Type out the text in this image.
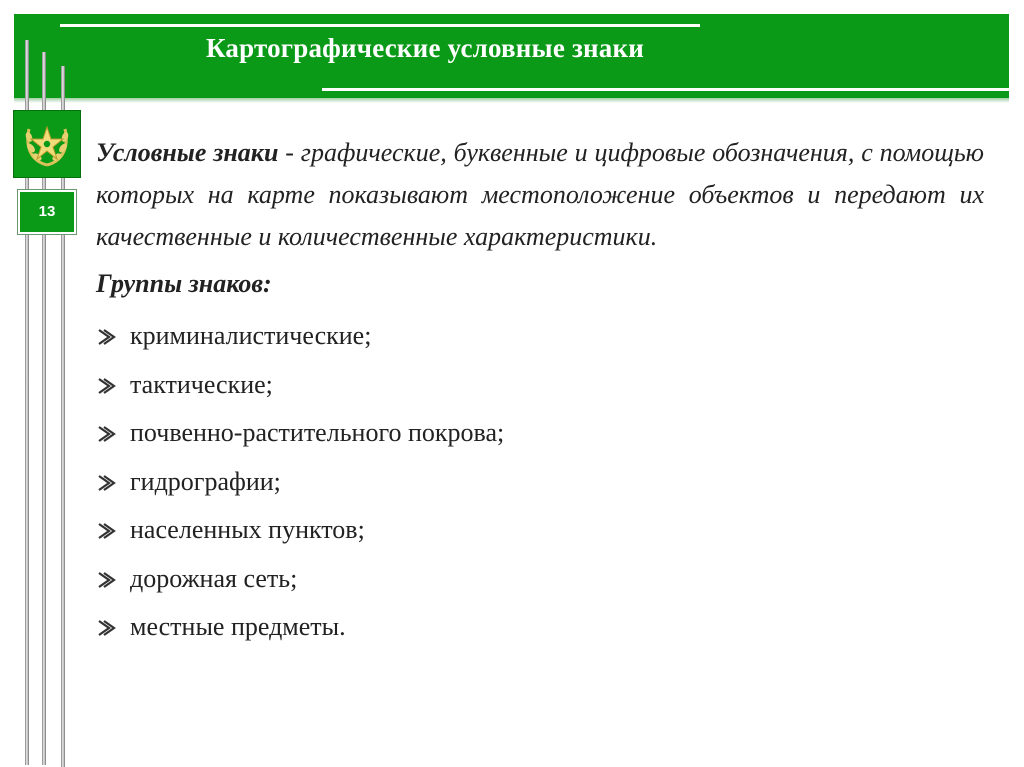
Картографические условные знаки
13

Условные знаки - графические, буквенные и цифровые обозначения, с помощью которых на карте показывают местоположение объектов и передают их качественные и количественные характеристики.

Группы знаков:

криминалистические;
тактические;
почвенно-растительного покрова;
гидрографии;
населенных пунктов;
дорожная сеть;
местные предметы.
